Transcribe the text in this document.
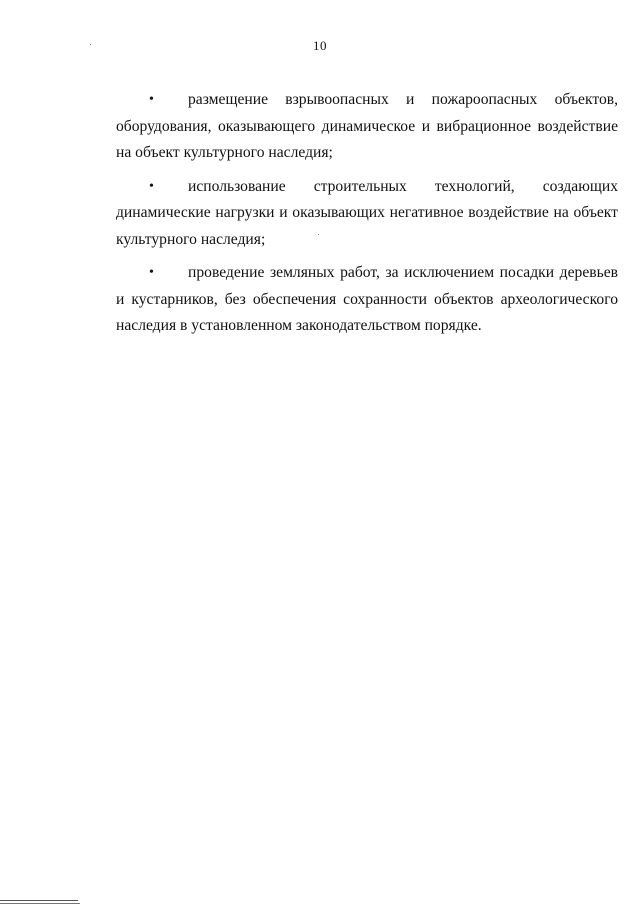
10

• размещение взрывоопасных и пожароопасных объектов, оборудования, оказывающего динамическое и вибрационное воздействие на объект культурного наследия;

• использование строительных технологий, создающих динамические нагрузки и оказывающих негативное воздействие на объект культурного наследия;

• проведение земляных работ, за исключением посадки деревьев и кустарников, без обеспечения сохранности объектов археологического наследия в установленном законодательством порядке.
